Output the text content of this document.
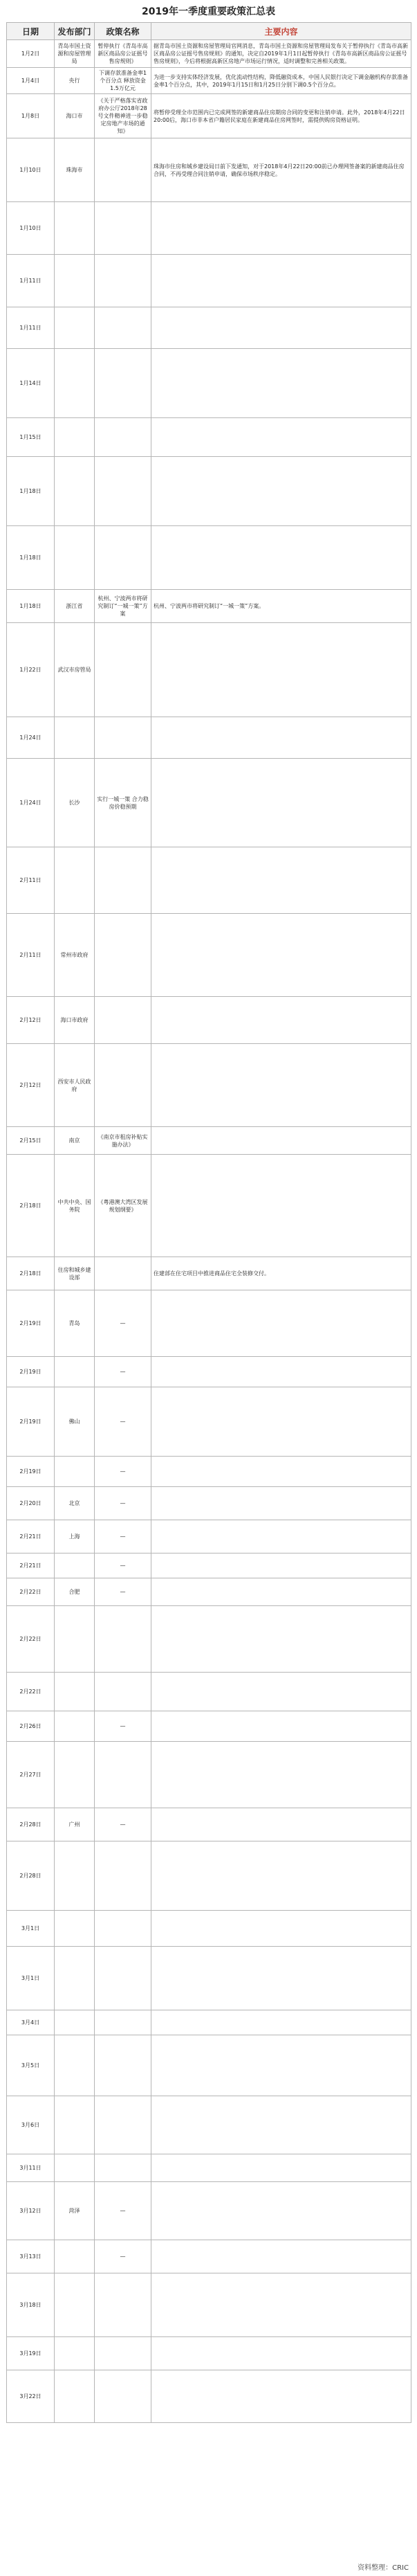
2019年一季度重要政策汇总表
日期	发布部门	政策名称	主要内容
1月2日	青岛市国土资源和房屋管理局	暂停执行《青岛市高新区商品房公证摇号售房规则》	据青岛市国土资源和房屋管理局官网消息，青岛市国土资源和房屋管理局发布关于暂停执行《青岛市高新区商品房公证摇号售房规则》的通知，决定自2019年1月1日起暂停执行《青岛市高新区商品房公证摇号售房规则》，今后将根据高新区房地产市场运行情况，适时调整和完善相关政策。
1月4日	央行	下调存款准备金率1个百分点 释放资金1.5万亿元	为进一步支持实体经济发展，优化流动性结构，降低融资成本，中国人民银行决定下调金融机构存款准备金率1个百分点，其中，2019年1月15日和1月25日分别下调0.5个百分点。
1月8日	海口市	《关于严格落实省政府办公厅2018年28号文件精神进一步稳定房地产市场的通知》	将暂停受理全市范围内已完成网签的新建商品住房期房合同的变更和注销申请。此外，2018年4月22日20:00后，海口市非本省户籍居民家庭在新建商品住房网签时，需提供购房资格证明。
1月10日	珠海市		珠海市住房和城乡建设局日前下发通知，对于2018年4月22日20:00前已办理网签备案的新建商品住房合同，不再受理合同注销申请，确保市场秩序稳定。
1月10日			
1月11日			
1月11日			
1月14日			
1月15日			
1月18日			
1月18日			
1月18日	浙江省	杭州、宁波两市将研究制订“一城一策”方案	杭州、宁波两市将研究制订“一城一策”方案。
1月22日	武汉市房管局		
1月24日			
1月24日	长沙	实行一城一策 合力稳房价稳预期	
2月11日			
2月11日	常州市政府		
2月12日	海口市政府		
2月12日	西安市人民政府		
2月15日	南京	《南京市租房补贴实施办法》	
2月18日	中共中央、国务院	《粤港澳大湾区发展规划纲要》	
2月18日	住房和城乡建设部		住建部在住宅项目中推进商品住宅全装修交付。
2月19日	青岛	—	
2月19日		—	
2月19日	佛山	—	
2月19日		—	
2月20日	北京	—	
2月21日	上海	—	
2月21日		—	
2月22日	合肥	—	
2月22日			
2月22日			
2月26日		—	
2月27日			
2月28日	广州	—	
2月28日			
3月1日			
3月1日			
3月4日			
3月5日			
3月6日			
3月11日			
3月12日	菏泽	—	
3月13日		—	
3月18日			
3月19日			
3月22日			
资料整理：CRIC
